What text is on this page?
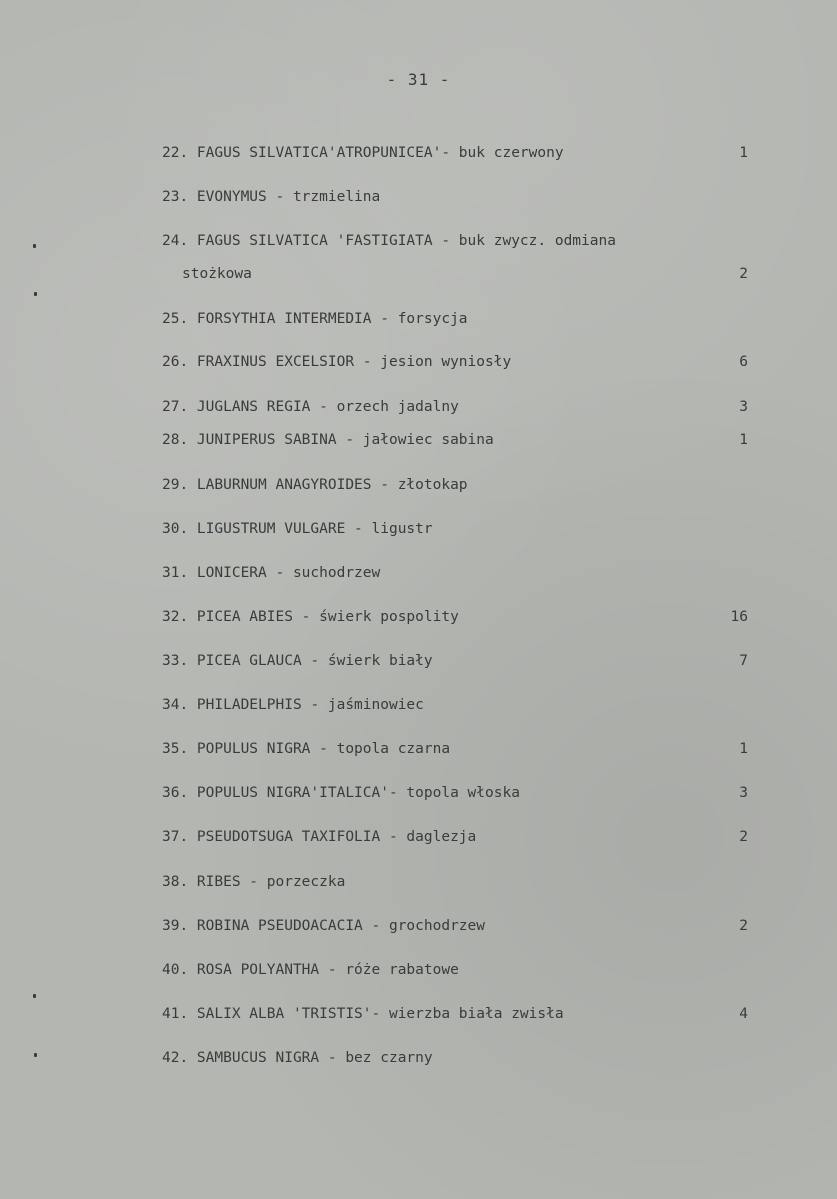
- 31 -
22. FAGUS SILVATICA'ATROPUNICEA'- buk czerwony	1
23. EVONYMUS - trzmielina
24. FAGUS SILVATICA 'FASTIGIATA - buk zwycz. odmiana
stożkowa	2
25. FORSYTHIA INTERMEDIA - forsycja
26. FRAXINUS EXCELSIOR - jesion wyniosły	6
27. JUGLANS REGIA - orzech jadalny	3
28. JUNIPERUS SABINA - jałowiec sabina	1
29. LABURNUM ANAGYROIDES - złotokap
30. LIGUSTRUM VULGARE - ligustr
31. LONICERA - suchodrzew
32. PICEA ABIES - świerk pospolity	16
33. PICEA GLAUCA - świerk biały	7
34. PHILADELPHIS - jaśminowiec
35. POPULUS NIGRA - topola czarna	1
36. POPULUS NIGRA'ITALICA'- topola włoska	3
37. PSEUDOTSUGA TAXIFOLIA - daglezja	2
38. RIBES - porzeczka
39. ROBINA PSEUDOACACIA - grochodrzew	2
40. ROSA POLYANTHA - róże rabatowe
41. SALIX ALBA 'TRISTIS'- wierzba biała zwisła	4
42. SAMBUCUS NIGRA - bez czarny
